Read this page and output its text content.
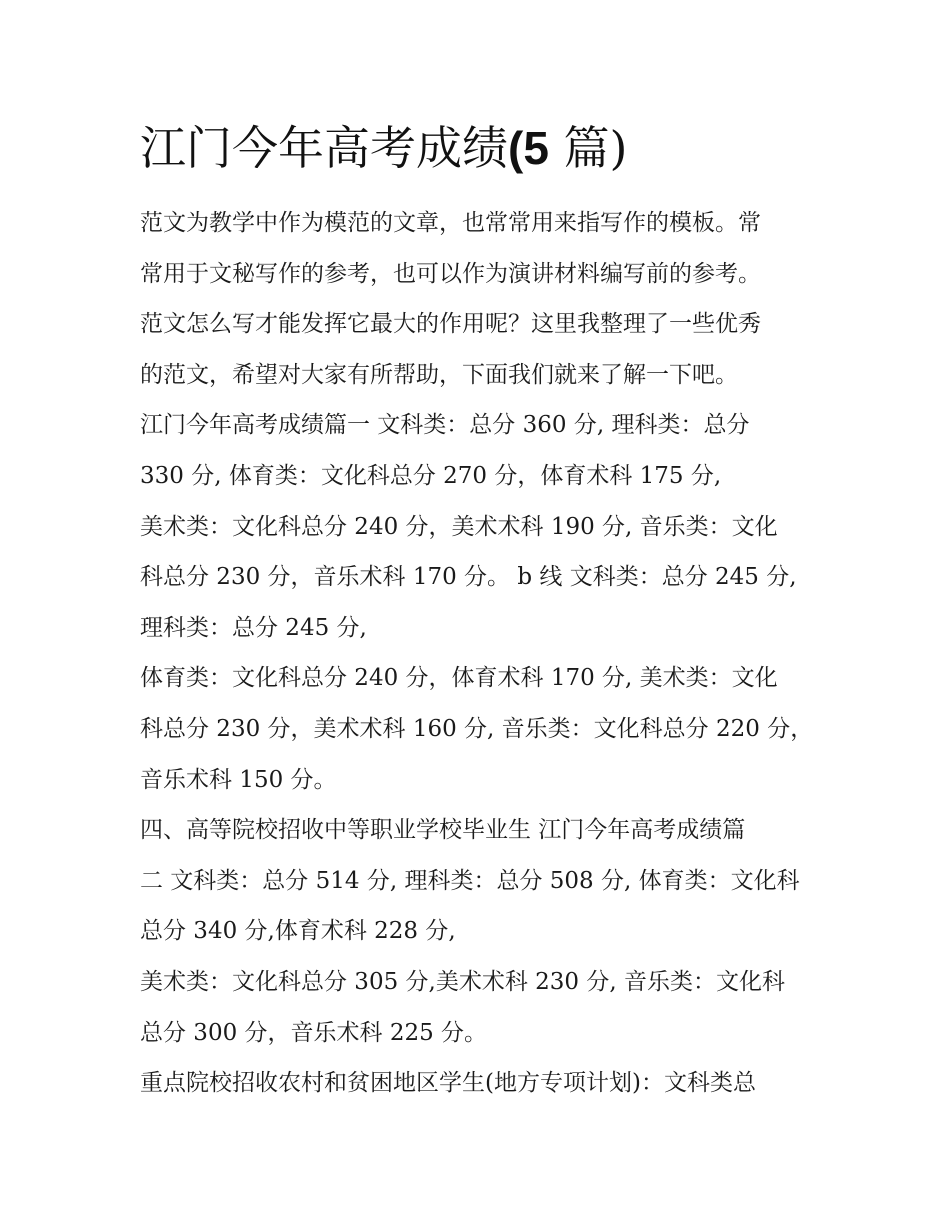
江门今年高考成绩(5 篇)
范文为教学中作为模范的文章，也常常用来指写作的模板。常
常用于文秘写作的参考，也可以作为演讲材料编写前的参考。
范文怎么写才能发挥它最大的作用呢？这里我整理了一些优秀
的范文，希望对大家有所帮助，下面我们就来了解一下吧。
江门今年高考成绩篇一 文科类：总分 360 分, 理科类：总分
330 分, 体育类：文化科总分 270 分，体育术科 175 分,
美术类：文化科总分 240 分，美术术科 190 分, 音乐类：文化
科总分 230 分，音乐术科 170 分。 b 线 文科类：总分 245 分,
理科类：总分 245 分,
体育类：文化科总分 240 分，体育术科 170 分, 美术类：文化
科总分 230 分，美术术科 160 分, 音乐类：文化科总分 220 分，
音乐术科 150 分。
四、高等院校招收中等职业学校毕业生 江门今年高考成绩篇
二 文科类：总分 514 分, 理科类：总分 508 分, 体育类：文化科
总分 340 分,体育术科 228 分,
美术类：文化科总分 305 分,美术术科 230 分, 音乐类：文化科
总分 300 分，音乐术科 225 分。
重点院校招收农村和贫困地区学生(地方专项计划)：文科类总
